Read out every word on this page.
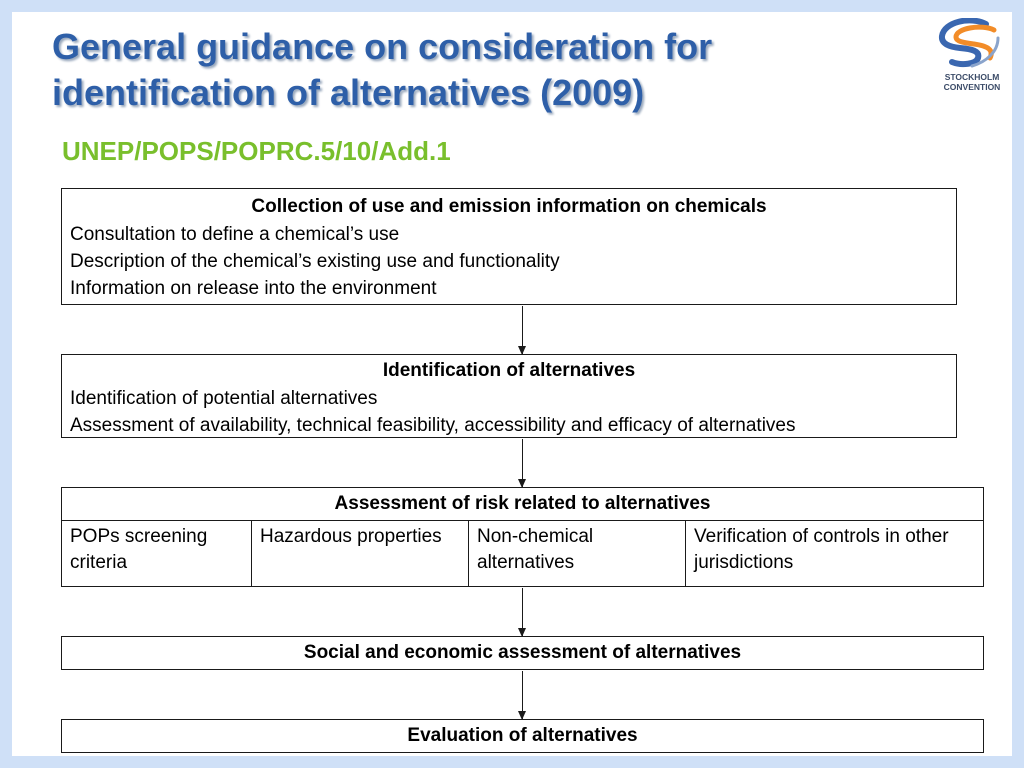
General guidance on consideration for
identification of alternatives (2009)
UNEP/POPS/POPRC.5/10/Add.1
STOCKHOLM
CONVENTION
Collection of use and emission information on chemicals
Consultation to define a chemical’s use
Description of the chemical’s existing use and functionality
Information on release into the environment
Identification of alternatives
Identification of potential alternatives
Assessment of availability, technical feasibility, accessibility and efficacy of alternatives
Assessment of risk related to alternatives
POPs screening criteria
Hazardous properties	Non-chemical alternatives
Verification of controls in other jurisdictions
Social and economic assessment of alternatives
Evaluation of alternatives
